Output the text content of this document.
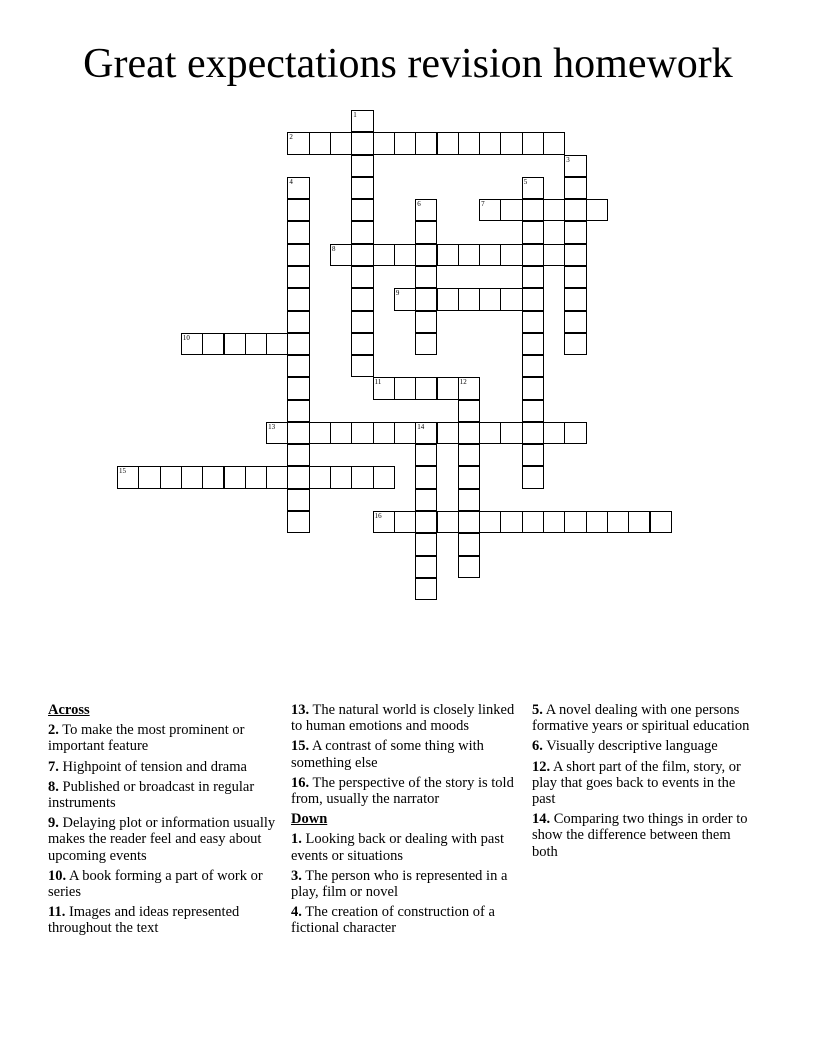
Great expectations revision homework
1
2
3
4	5
6	7
8
9
10
11	12
13	14
15
16
Across
2. To make the most prominent or important feature
7. Highpoint of tension and drama
8. Published or broadcast in regular instruments
9. Delaying plot or information usually makes the reader feel and easy about upcoming events
10. A book forming a part of work or series
11. Images and ideas represented throughout the text
13. The natural world is closely linked to human emotions and moods
15. A contrast of some thing with something else
16. The perspective of the story is told from, usually the narrator
Down
1. Looking back or dealing with past events or situations
3. The person who is represented in a play, film or novel
4. The creation of construction of a fictional character
5. A novel dealing with one persons formative years or spiritual education
6. Visually descriptive language
12. A short part of the film, story, or play that goes back to events in the past
14. Comparing two things in order to show the difference between them both
